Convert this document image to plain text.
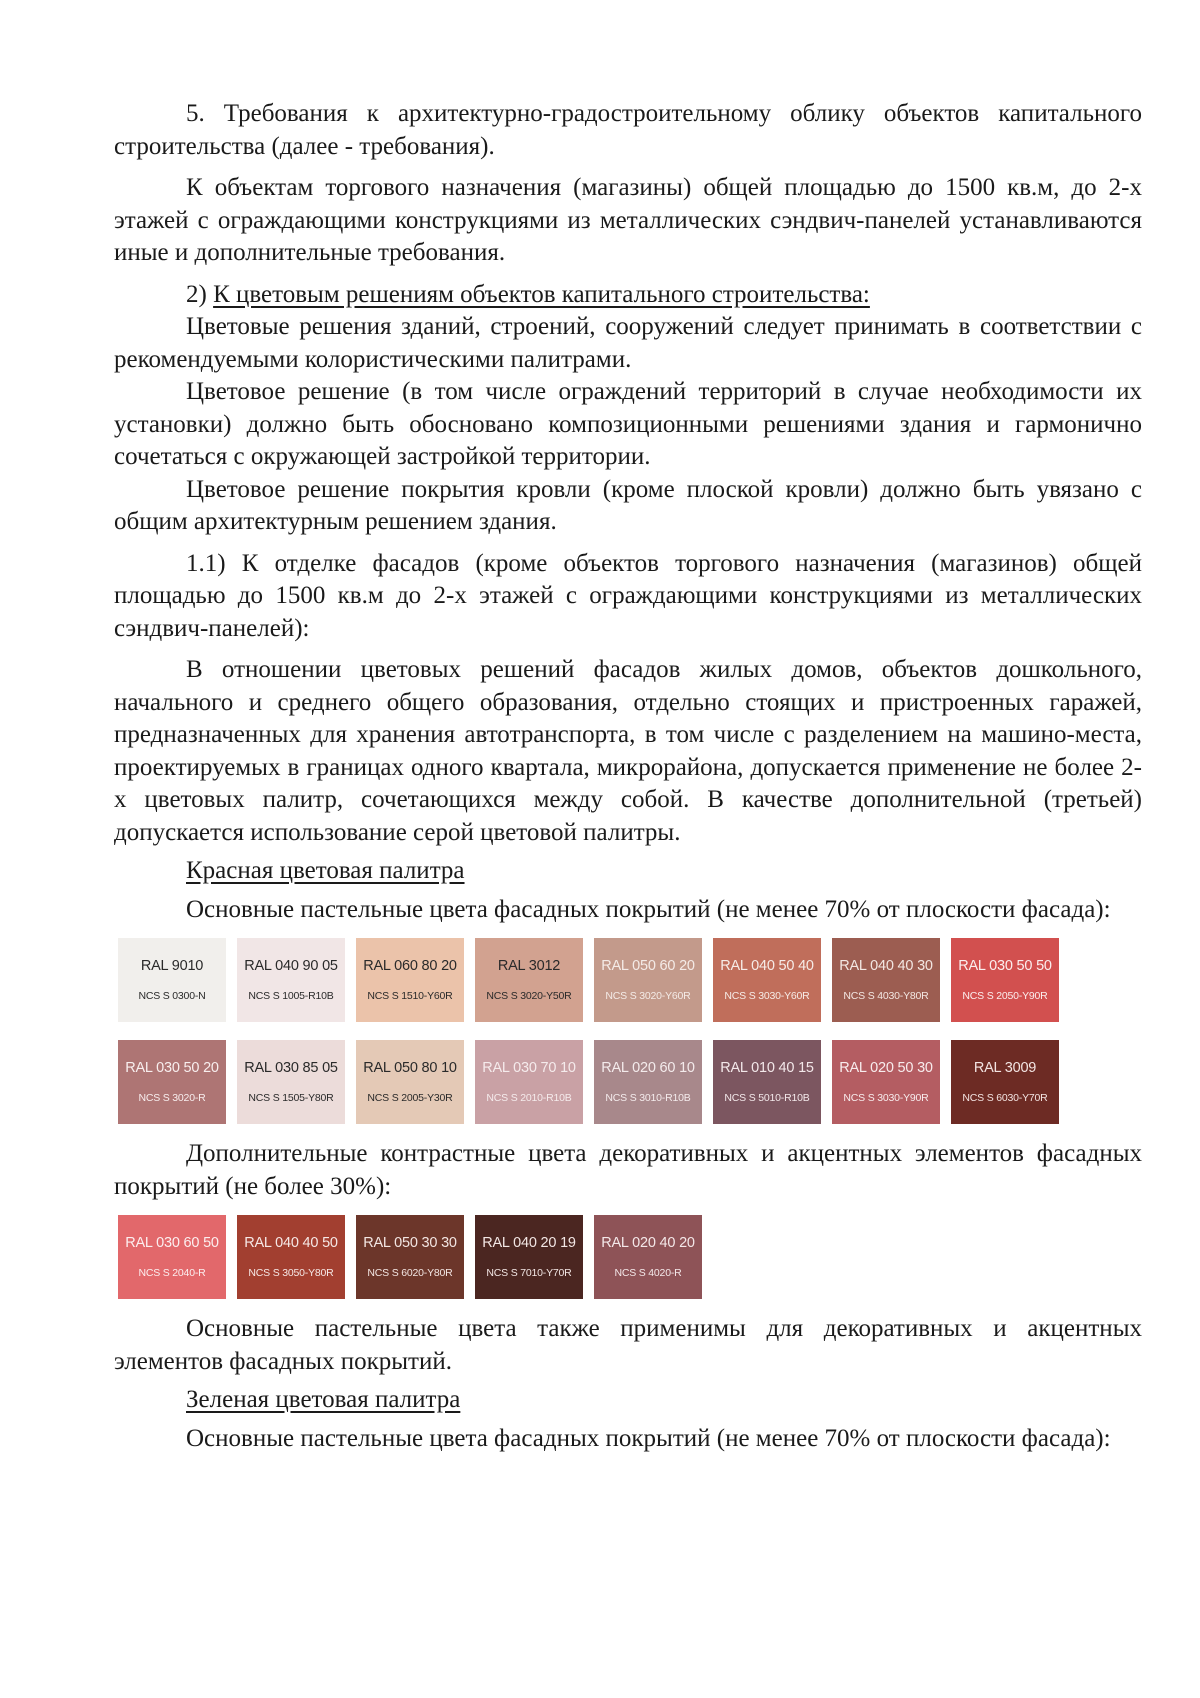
5. Требования к архитектурно-градостроительному облику объектов капитального строительства (далее - требования).

К объектам торгового назначения (магазины) общей площадью до 1500 кв.м, до 2-х этажей с ограждающими конструкциями из металлических сэндвич-панелей устанавливаются иные и дополнительные требования.

2) К цветовым решениям объектов капитального строительства:

Цветовые решения зданий, строений, сооружений следует принимать в соответствии с рекомендуемыми колористическими палитрами.

Цветовое решение (в том числе ограждений территорий в случае необходимости их установки) должно быть обосновано композиционными решениями здания и гармонично сочетаться с окружающей застройкой территории.

Цветовое решение покрытия кровли (кроме плоской кровли) должно быть увязано с общим архитектурным решением здания.

1.1) К отделке фасадов (кроме объектов торгового назначения (магазинов) общей площадью до 1500 кв.м до 2-х этажей с ограждающими конструкциями из металлических сэндвич-панелей):

В отношении цветовых решений фасадов жилых домов, объектов дошкольного, начального и среднего общего образования, отдельно стоящих и пристроенных гаражей, предназначенных для хранения автотранспорта, в том числе с разделением на машино-места, проектируемых в границах одного квартала, микрорайона, допускается применение не более 2-х цветовых палитр, сочетающихся между собой. В качестве дополнительной (третьей) допускается использование серой цветовой палитры.

Красная цветовая палитра

Основные пастельные цвета фасадных покрытий (не менее 70% от плоскости фасада):

RAL 9010
NCS S 0300-N
RAL 040 90 05
NCS S 1005-R10B
RAL 060 80 20
NCS S 1510-Y60R
RAL 3012
NCS S 3020-Y50R
RAL 050 60 20
NCS S 3020-Y60R
RAL 040 50 40
NCS S 3030-Y60R
RAL 040 40 30
NCS S 4030-Y80R
RAL 030 50 50
NCS S 2050-Y90R
RAL 030 50 20
NCS S 3020-R
RAL 030 85 05
NCS S 1505-Y80R
RAL 050 80 10
NCS S 2005-Y30R
RAL 030 70 10
NCS S 2010-R10B
RAL 020 60 10
NCS S 3010-R10B
RAL 010 40 15
NCS S 5010-R10B
RAL 020 50 30
NCS S 3030-Y90R
RAL 3009
NCS S 6030-Y70R

Дополнительные контрастные цвета декоративных и акцентных элементов фасадных покрытий (не более 30%):

RAL 030 60 50
NCS S 2040-R
RAL 040 40 50
NCS S 3050-Y80R
RAL 050 30 30
NCS S 6020-Y80R
RAL 040 20 19
NCS S 7010-Y70R
RAL 020 40 20
NCS S 4020-R

Основные пастельные цвета также применимы для декоративных и акцентных элементов фасадных покрытий.

Зеленая цветовая палитра

Основные пастельные цвета фасадных покрытий (не менее 70% от плоскости фасада):
